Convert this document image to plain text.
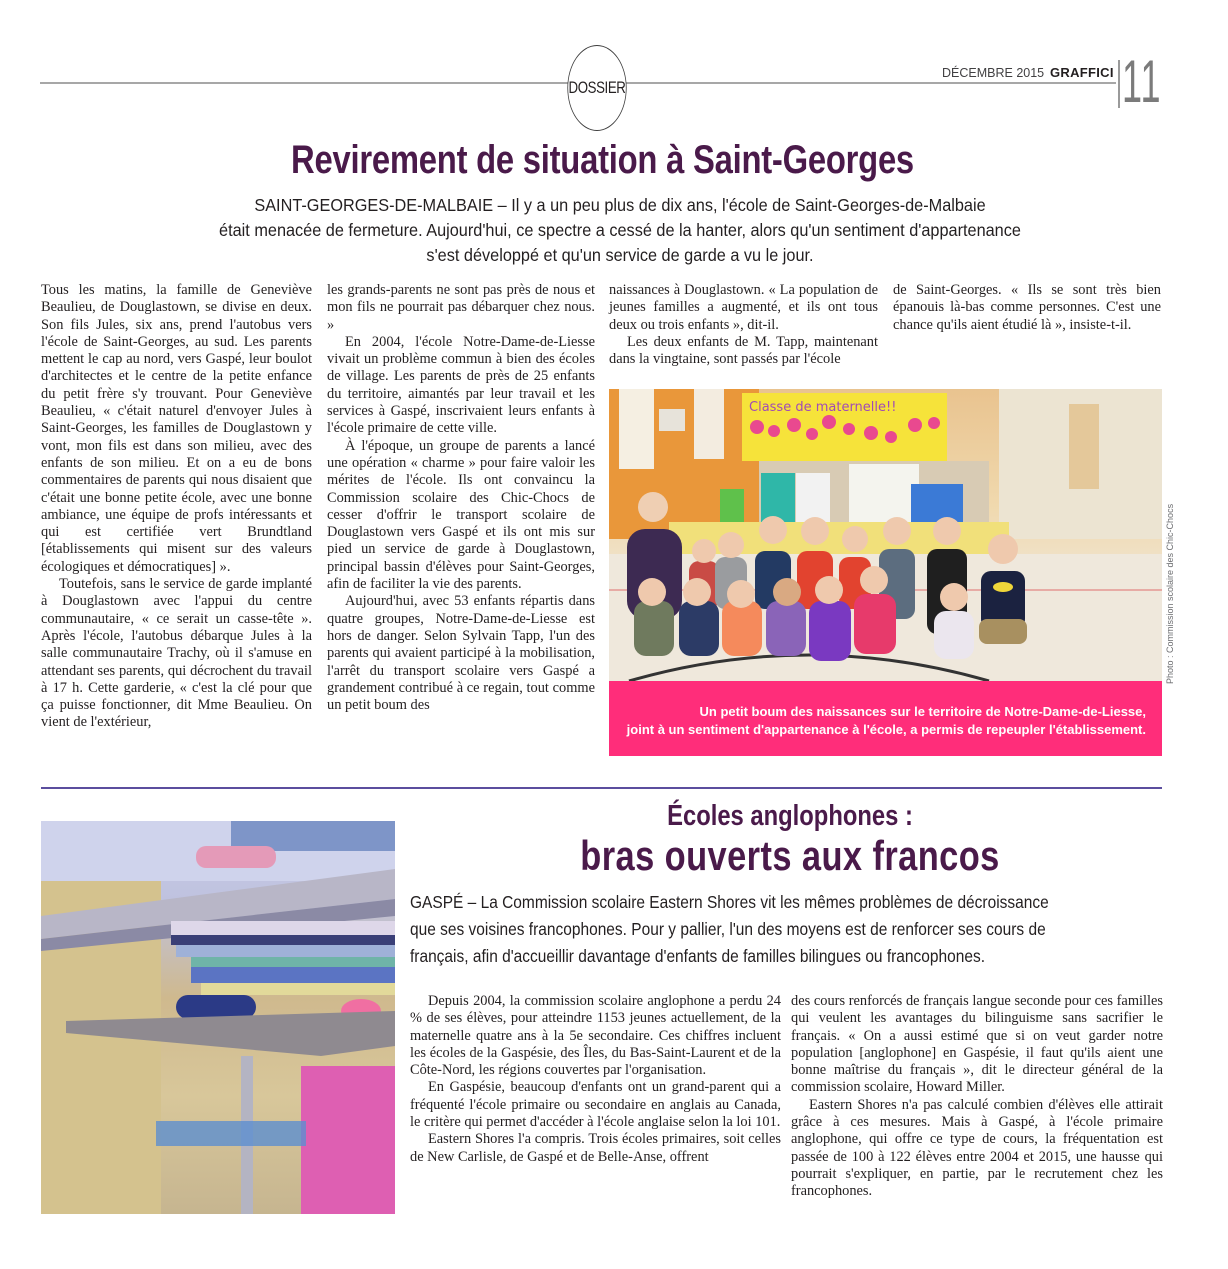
DOSSIER
DÉCEMBRE 2015 GRAFFICI 11
Revirement de situation à Saint-Georges
SAINT-GEORGES-DE-MALBAIE – Il y a un peu plus de dix ans, l'école de Saint-Georges-de-Malbaie
était menacée de fermeture. Aujourd'hui, ce spectre a cessé de la hanter, alors qu'un sentiment d'appartenance
s'est développé et qu'un service de garde a vu le jour.

Tous les matins, la famille de Geneviève Beaulieu, de Douglastown, se divise en deux. Son fils Jules, six ans, prend l'autobus vers l'école de Saint-Georges, au sud. Les parents mettent le cap au nord, vers Gaspé, leur boulot d'architectes et le centre de la petite enfance du petit frère s'y trouvant. Pour Geneviève Beaulieu, « c'était naturel d'envoyer Jules à Saint-Georges, les familles de Douglastown y vont, mon fils est dans son milieu, avec des enfants de son milieu. Et on a eu de bons commentaires de parents qui nous disaient que c'était une bonne petite école, avec une bonne ambiance, une équipe de profs intéressants et qui est certifiée vert Brundtland [établissements qui misent sur des valeurs écologiques et démocratiques] ».

Toutefois, sans le service de garde implanté à Douglastown avec l'appui du centre communautaire, « ce serait un casse-tête ». Après l'école, l'autobus débarque Jules à la salle communautaire Trachy, où il s'amuse en attendant ses parents, qui décrochent du travail à 17 h. Cette garderie, « c'est la clé pour que ça puisse fonctionner, dit Mme Beaulieu. On vient de l'extérieur,

les grands-parents ne sont pas près de nous et mon fils ne pourrait pas débarquer chez nous. »

En 2004, l'école Notre-Dame-de-Liesse vivait un problème commun à bien des écoles de village. Les parents de près de 25 enfants du territoire, aimantés par leur travail et les services à Gaspé, inscrivaient leurs enfants à l'école primaire de cette ville.

À l'époque, un groupe de parents a lancé une opération « charme » pour faire valoir les mérites de l'école. Ils ont convaincu la Commission scolaire des Chic-Chocs de cesser d'offrir le transport scolaire de Douglastown vers Gaspé et ils ont mis sur pied un service de garde à Douglastown, principal bassin d'élèves pour Saint-Georges, afin de faciliter la vie des parents.

Aujourd'hui, avec 53 enfants répartis dans quatre groupes, Notre-Dame-de-Liesse est hors de danger. Selon Sylvain Tapp, l'un des parents qui avaient participé à la mobilisation, l'arrêt du transport scolaire vers Gaspé a grandement contribué à ce regain, tout comme un petit boum des

naissances à Douglastown. « La population de jeunes familles a augmenté, et ils ont tous deux ou trois enfants », dit-il.

Les deux enfants de M. Tapp, maintenant dans la vingtaine, sont passés par l'école

de Saint-Georges. « Ils se sont très bien épanouis là-bas comme personnes. C'est une chance qu'ils aient étudié là », insiste-t-il.

Classe de maternelle!!
Un petit boum des naissances sur le territoire de Notre-Dame-de-Liesse,
joint à un sentiment d'appartenance à l'école, a permis de repeupler l'établissement.
Photo : Commission scolaire des Chic-Chocs
Écoles anglophones :
bras ouverts aux francos
GASPÉ – La Commission scolaire Eastern Shores vit les mêmes problèmes de décroissance
que ses voisines francophones. Pour y pallier, l'un des moyens est de renforcer ses cours de
français, afin d'accueillir davantage d'enfants de familles bilingues ou francophones.

Depuis 2004, la commission scolaire anglophone a perdu 24 % de ses élèves, pour atteindre 1153 jeunes actuellement, de la maternelle quatre ans à la 5e secondaire. Ces chiffres incluent les écoles de la Gaspésie, des Îles, du Bas-Saint-Laurent et de la Côte-Nord, les régions couvertes par l'organisation.

En Gaspésie, beaucoup d'enfants ont un grand-parent qui a fréquenté l'école primaire ou secondaire en anglais au Canada, le critère qui permet d'accéder à l'école anglaise selon la loi 101.

Eastern Shores l'a compris. Trois écoles primaires, soit celles de New Carlisle, de Gaspé et de Belle-Anse, offrent

des cours renforcés de français langue seconde pour ces familles qui veulent les avantages du bilinguisme sans sacrifier le français. « On a aussi estimé que si on veut garder notre population [anglophone] en Gaspésie, il faut qu'ils aient une bonne maîtrise du français », dit le directeur général de la commission scolaire, Howard Miller.

Eastern Shores n'a pas calculé combien d'élèves elle attirait grâce à ces mesures. Mais à Gaspé, à l'école primaire anglophone, qui offre ce type de cours, la fréquentation est passée de 100 à 122 élèves entre 2004 et 2015, une hausse qui pourrait s'expliquer, en partie, par le recrutement chez les francophones.
